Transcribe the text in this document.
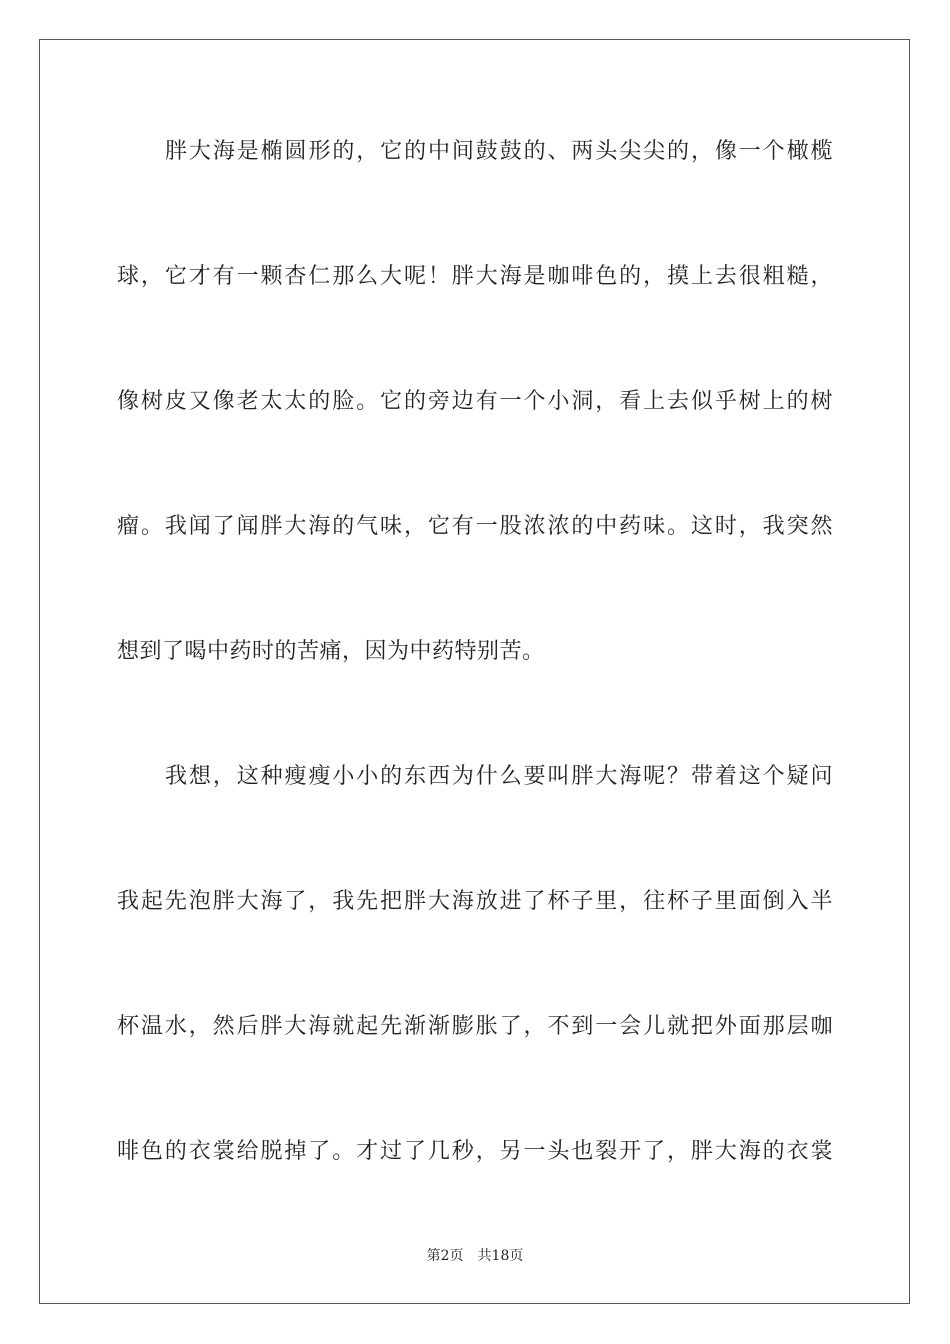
胖大海是椭圆形的，它的中间鼓鼓的、两头尖尖的，像一个橄榄
球，它才有一颗杏仁那么大呢！胖大海是咖啡色的，摸上去很粗糙，
像树皮又像老太太的脸。它的旁边有一个小洞，看上去似乎树上的树
瘤。我闻了闻胖大海的气味，它有一股浓浓的中药味。这时，我突然
想到了喝中药时的苦痛，因为中药特别苦。
我想，这种瘦瘦小小的东西为什么要叫胖大海呢？带着这个疑问
我起先泡胖大海了，我先把胖大海放进了杯子里，往杯子里面倒入半
杯温水，然后胖大海就起先渐渐膨胀了，不到一会儿就把外面那层咖
啡色的衣裳给脱掉了。才过了几秒，另一头也裂开了，胖大海的衣裳
第2页 共18页
